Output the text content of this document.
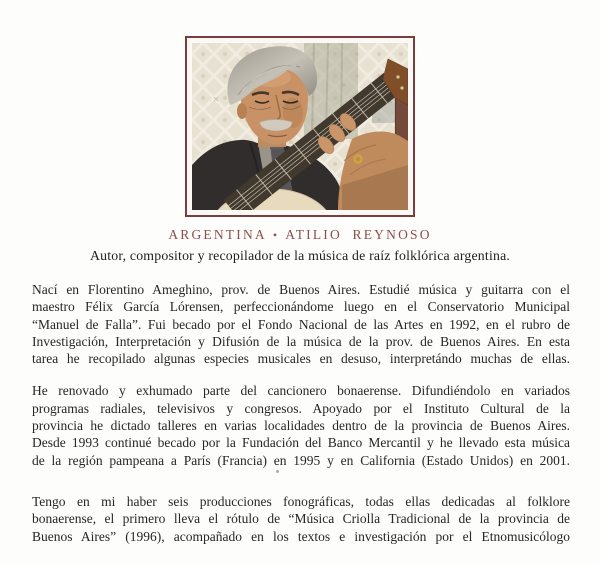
ARGENTINA • ATILIO REYNOSO
Autor, compositor y recopilador de la música de raíz folklórica argentina.
Nací en Florentino Ameghino, prov. de Buenos Aires. Estudié música y guitarra con el
maestro Félix García Lórensen, perfeccionándome luego en el Conservatorio Municipal
“Manuel de Falla”. Fui becado por el Fondo Nacional de las Artes en 1992, en el rubro de
Investigación, Interpretación y Difusión de la música de la prov. de Buenos Aires. En esta
tarea he recopilado algunas especies musicales en desuso, interpretándo muchas de ellas.
He renovado y exhumado parte del cancionero bonaerense. Difundiéndolo en variados
programas radiales, televisivos y congresos. Apoyado por el Instituto Cultural de la
provincia he dictado talleres en varias localidades dentro de la provincia de Buenos Aires.
Desde 1993 continué becado por la Fundación del Banco Mercantil y he llevado esta música
de la región pampeana a París (Francia) en 1995 y en California (Estado Unidos) en 2001.
Tengo en mi haber seis producciones fonográficas, todas ellas dedicadas al folklore
bonaerense, el primero lleva el rótulo de “Música Criolla Tradicional de la provincia de
Buenos Aires” (1996), acompañado en los textos e investigación por el Etnomusicólogo
